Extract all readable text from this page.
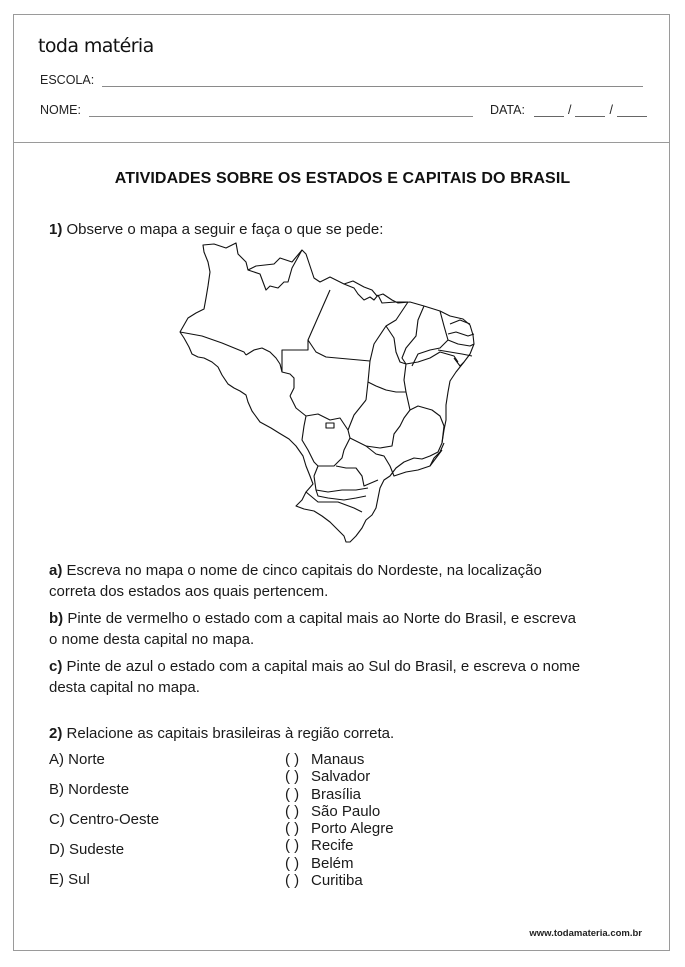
toda matéria
ESCOLA:
NOME:	DATA:	/	/
www.todamateria.com.br
ATIVIDADES SOBRE OS ESTADOS E CAPITAIS DO BRASIL
1) Observe o mapa a seguir e faça o que se pede:
a) Escreva no mapa o nome de cinco capitais do Nordeste, na localização
correta dos estados aos quais pertencem.
b) Pinte de vermelho o estado com a capital mais ao Norte do Brasil, e escreva
o nome desta capital no mapa.
c) Pinte de azul o estado com a capital mais ao Sul do Brasil, e escreva o nome
desta capital no mapa.
2) Relacione as capitais brasileiras à região correta.
A) Norte
B) Nordeste
C) Centro-Oeste
D) Sudeste
E) Sul
( ) Manaus
( ) Salvador
( ) Brasília
( ) São Paulo
( ) Porto Alegre
( ) Recife
( ) Belém
( ) Curitiba
